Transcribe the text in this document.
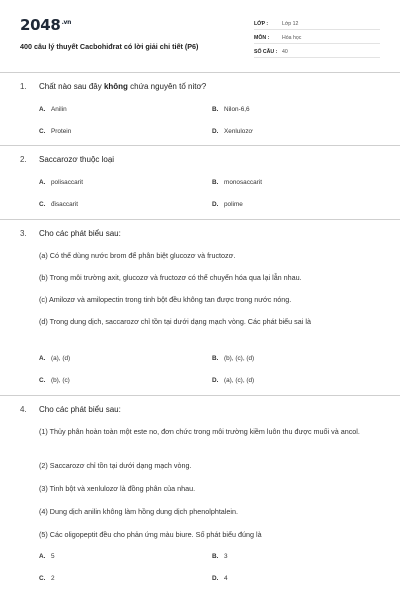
$2048^{.vn}$
400 câu lý thuyết Cacbohiđrat có lời giải chi tiết (P6)
LỚP :	Lớp 12
MÔN :	Hóa học
SỐ CÂU : 40
1.	Chất nào sau đây không chứa nguyên tố nitơ?
A. Anilin	B. Nilon-6,6
C. Protein	D. Xenlulozơ
2.	Saccarozơ thuộc loại
A. polisaccarit	B. monosaccarit
C. đisaccarit	D. polime
3.	Cho các phát biểu sau:
(a) Có thể dùng nước brom để phân biệt glucozơ và fructozơ.
(b) Trong môi trường axit, glucozơ và fructozơ có thể chuyển hóa qua lại lẫn nhau.
(c) Amilozơ và amilopectin trong tinh bột đều không tan được trong nước nóng.
(d) Trong dung dịch, saccarozơ chỉ tồn tại dưới dạng mạch vòng. Các phát biểu sai là
A. (a), (d)	B. (b), (c), (d)
C. (b), (c)	D. (a), (c), (d)
4.	Cho các phát biểu sau:
(1) Thủy phân hoàn toàn một este no, đơn chức trong môi trường kiềm luôn thu được muối và ancol.
(2) Saccarozơ chỉ tồn tại dưới dạng mạch vòng.
(3) Tinh bột và xenlulozơ là đồng phân của nhau.
(4) Dung dịch anilin không làm hồng dung dịch phenolphtalein.
(5) Các oligopeptit đều cho phản ứng màu biure. Số phát biểu đúng là
A. 5	B. 3
C. 2	D. 4
